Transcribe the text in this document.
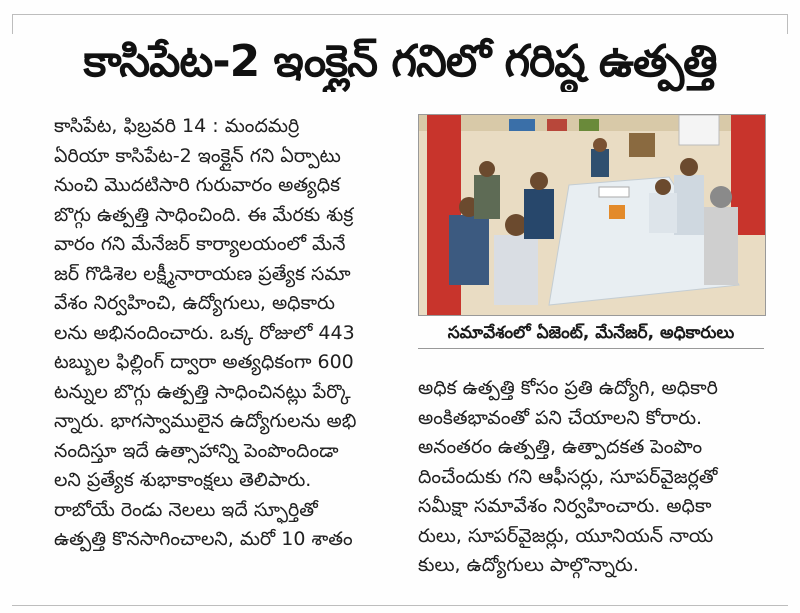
కాసిపేట-2 ఇంక్లైన్ గనిలో గరిష్ఠ ఉత్పత్తి
కాసిపేట, ఫిబ్రవరి 14 : మందమర్రి
ఏరియా కాసిపేట-2 ఇంక్లైన్ గని ఏర్పాటు
నుంచి మొదటిసారి గురువారం అత్యధిక
బొగ్గు ఉత్పత్తి సాధించింది. ఈ మేరకు శుక్ర
వారం గని మేనేజర్ కార్యాలయంలో మేనే
జర్ గొడిశెల లక్ష్మీనారాయణ ప్రత్యేక సమా
వేశం నిర్వహించి, ఉద్యోగులు, అధికారు
లను అభినందించారు. ఒక్క రోజులో 443
టబ్బుల ఫిల్లింగ్ ద్వారా అత్యధికంగా 600
టన్నుల బొగ్గు ఉత్పత్తి సాధించినట్లు పేర్కొ
న్నారు. భాగస్వాములైన ఉద్యోగులను అభి
నందిస్తూ ఇదే ఉత్సాహాన్ని పెంపొందిండా
లని ప్రత్యేక శుభాకాంక్షలు తెలిపారు.
రాబోయే రెండు నెలలు ఇదే స్ఫూర్తితో
ఉత్పత్తి కొనసాగించాలని, మరో 10 శాతం
సమావేశంలో ఏజెంట్, మేనేజర్, అధికారులు
అధిక ఉత్పత్తి కోసం ప్రతి ఉద్యోగి, అధికారి
అంకితభావంతో పని చేయాలని కోరారు.
అనంతరం ఉత్పత్తి, ఉత్పాదకత పెంపొం
దించేందుకు గని ఆఫీసర్లు, సూపర్‌వైజర్లతో
సమీక్షా సమావేశం నిర్వహించారు. అధికా
రులు, సూపర్‌వైజర్లు, యూనియన్ నాయ
కులు, ఉద్యోగులు పాల్గొన్నారు.
